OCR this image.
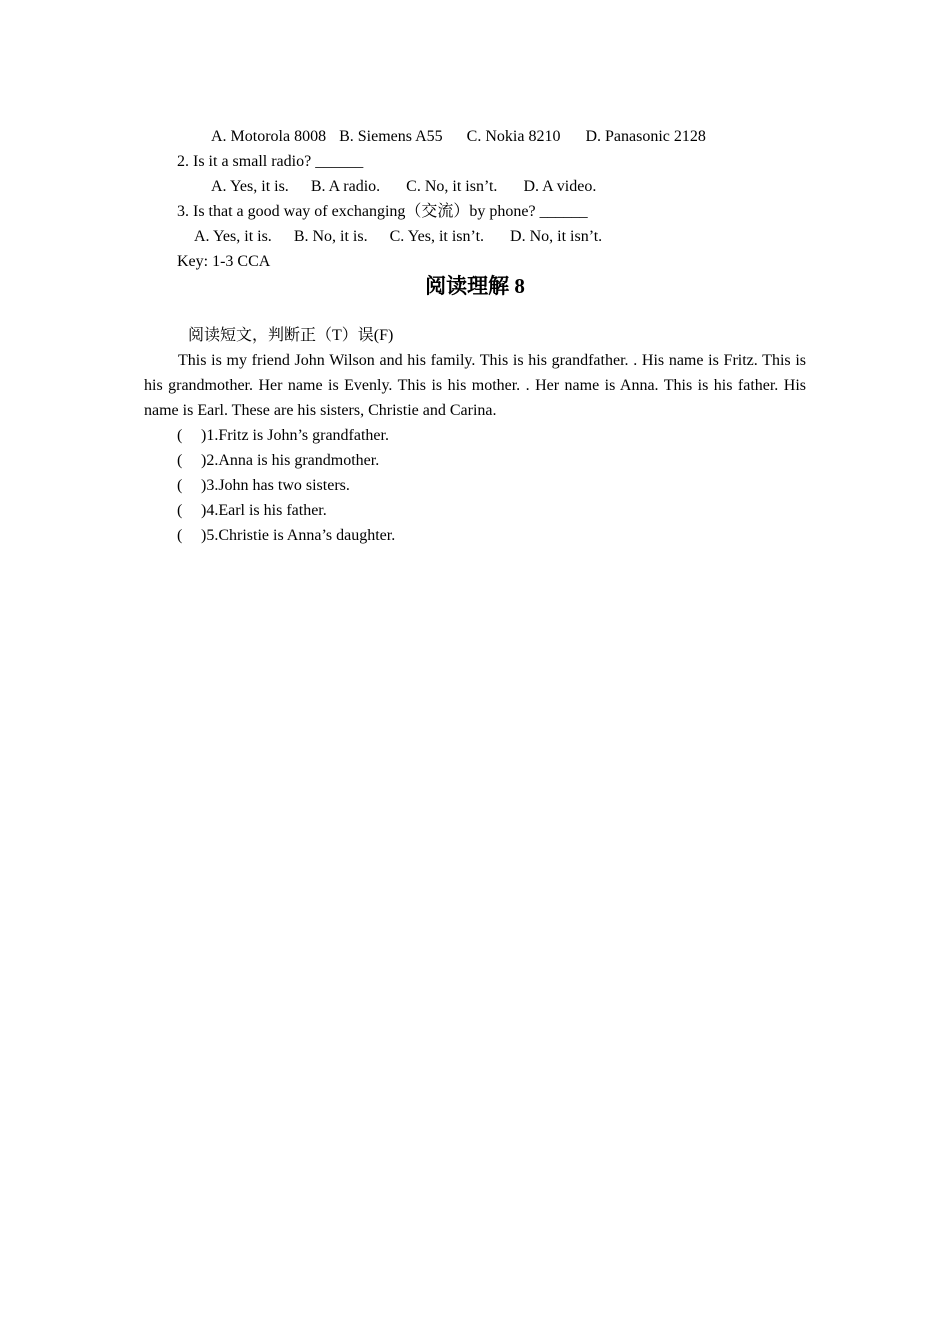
A. Motorola 8008 B. Siemens A55 C. Nokia 8210 D. Panasonic 2128
2. Is it a small radio? ______
A. Yes, it is. B. A radio. C. No, it isn’t. D. A video.
3. Is that a good way of exchanging（交流）by phone? ______
A. Yes, it is. B. No, it is. C. Yes, it isn’t. D. No, it isn’t.
Key: 1-3 CCA
阅读理解 8
阅读短文，判断正（T）误(F)
This is my friend John Wilson and his family. This is his grandfather. . His name is Fritz. This is his grandmother. Her name is Evenly. This is his mother. . Her name is Anna. This is his father. His name is Earl. These are his sisters, Christie and Carina.
( )1.Fritz is John’s grandfather.
( )2.Anna is his grandmother.
( )3.John has two sisters.
( )4.Earl is his father.
( )5.Christie is Anna’s daughter.
